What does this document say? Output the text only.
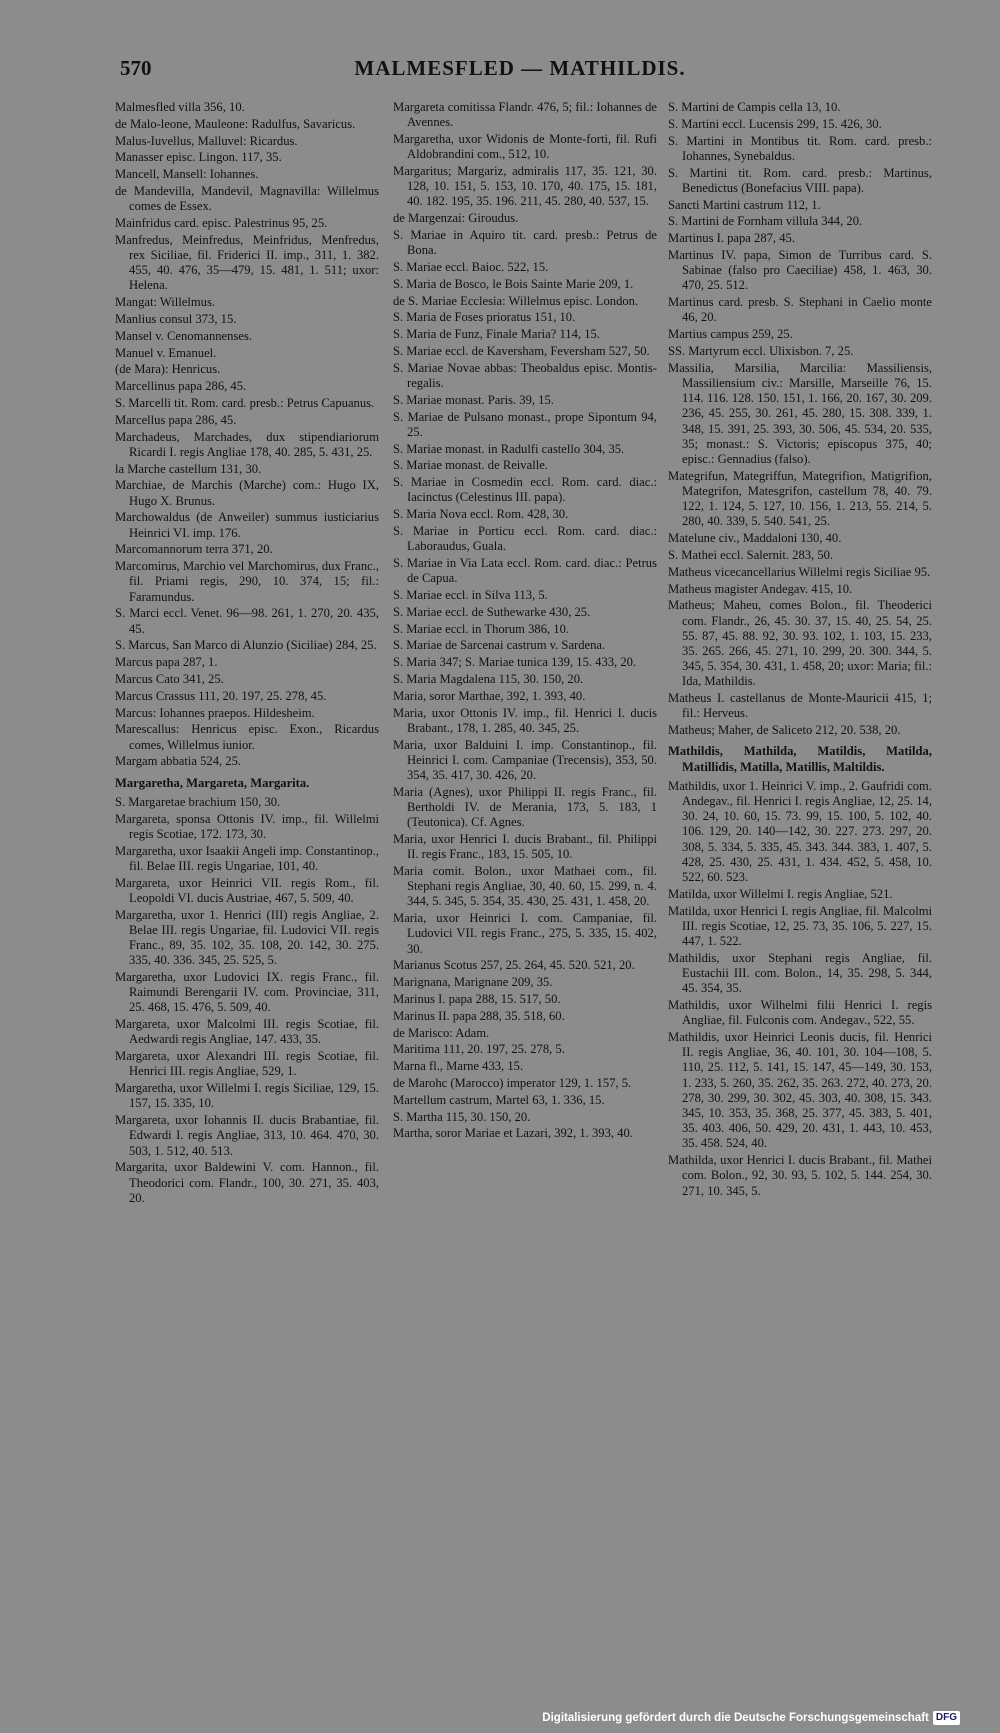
570	MALMESFLED — MATHILDIS.

Malmesfled villa 356, 10.

de Malo-leone, Mauleone: Radulfus, Savaricus.

Malus-Iuvellus, Malluvel: Ricardus.

Manasser episc. Lingon. 117, 35.

Mancell, Mansell: Iohannes.

de Mandevilla, Mandevil, Magnavilla: Willelmus comes de Essex.

Mainfridus card. episc. Palestrinus 95, 25.

Manfredus, Meinfredus, Meinfridus, Menfredus, rex Siciliae, fil. Friderici II. imp., 311, 1. 382. 455, 40. 476, 35—479, 15. 481, 1. 511; uxor: Helena.

Mangat: Willelmus.

Manlius consul 373, 15.

Mansel v. Cenomannenses.

Manuel v. Emanuel.

(de Mara): Henricus.

Marcellinus papa 286, 45.

S. Marcelli tit. Rom. card. presb.: Petrus Capuanus.

Marcellus papa 286, 45.

Marchadeus, Marchades, dux stipendiariorum Ricardi I. regis Angliae 178, 40. 285, 5. 431, 25.

la Marche castellum 131, 30.

Marchiae, de Marchis (Marche) com.: Hugo IX, Hugo X. Brunus.

Marchowaldus (de Anweiler) summus iusticiarius Heinrici VI. imp. 176.

Marcomannorum terra 371, 20.

Marcomirus, Marchio vel Marchomirus, dux Franc., fil. Priami regis, 290, 10. 374, 15; fil.: Faramundus.

S. Marci eccl. Venet. 96—98. 261, 1. 270, 20. 435, 45.

S. Marcus, San Marco di Alunzio (Siciliae) 284, 25.

Marcus papa 287, 1.

Marcus Cato 341, 25.

Marcus Crassus 111, 20. 197, 25. 278, 45.

Marcus: Iohannes praepos. Hildesheim.

Marescallus: Henricus episc. Exon., Ricardus comes, Willelmus iunior.

Margam abbatia 524, 25.

Margaretha, Margareta, Margarita.

S. Margaretae brachium 150, 30.

Margareta, sponsa Ottonis IV. imp., fil. Willelmi regis Scotiae, 172. 173, 30.

Margaretha, uxor Isaakii Angeli imp. Constantinop., fil. Belae III. regis Ungariae, 101, 40.

Margareta, uxor Heinrici VII. regis Rom., fil. Leopoldi VI. ducis Austriae, 467, 5. 509, 40.

Margaretha, uxor 1. Henrici (III) regis Angliae, 2. Belae III. regis Ungariae, fil. Ludovici VII. regis Franc., 89, 35. 102, 35. 108, 20. 142, 30. 275. 335, 40. 336. 345, 25. 525, 5.

Margaretha, uxor Ludovici IX. regis Franc., fil. Raimundi Berengarii IV. com. Provinciae, 311, 25. 468, 15. 476, 5. 509, 40.

Margareta, uxor Malcolmi III. regis Scotiae, fil. Aedwardi regis Angliae, 147. 433, 35.

Margareta, uxor Alexandri III. regis Scotiae, fil. Henrici III. regis Angliae, 529, 1.

Margaretha, uxor Willelmi I. regis Siciliae, 129, 15. 157, 15. 335, 10.

Margareta, uxor Iohannis II. ducis Brabantiae, fil. Edwardi I. regis Angliae, 313, 10. 464. 470, 30. 503, 1. 512, 40. 513.

Margarita, uxor Baldewini V. com. Hannon., fil. Theodorici com. Flandr., 100, 30. 271, 35. 403, 20.

Margareta comitissa Flandr. 476, 5; fil.: Iohannes de Avennes.

Margaretha, uxor Widonis de Monte-forti, fil. Rufi Aldobrandini com., 512, 10.

Margaritus; Margariz, admiralis 117, 35. 121, 30. 128, 10. 151, 5. 153, 10. 170, 40. 175, 15. 181, 40. 182. 195, 35. 196. 211, 45. 280, 40. 537, 15.

de Margenzai: Giroudus.

S. Mariae in Aquiro tit. card. presb.: Petrus de Bona.

S. Mariae eccl. Baioc. 522, 15.

S. Maria de Bosco, le Bois Sainte Marie 209, 1.

de S. Mariae Ecclesia: Willelmus episc. London.

S. Maria de Foses prioratus 151, 10.

S. Maria de Funz, Finale Maria? 114, 15.

S. Mariae eccl. de Kaversham, Feversham 527, 50.

S. Mariae Novae abbas: Theobaldus episc. Montis-regalis.

S. Mariae monast. Paris. 39, 15.

S. Mariae de Pulsano monast., prope Sipontum 94, 25.

S. Mariae monast. in Radulfi castello 304, 35.

S. Mariae monast. de Reivalle.

S. Mariae in Cosmedin eccl. Rom. card. diac.: Iacinctus (Celestinus III. papa).

S. Maria Nova eccl. Rom. 428, 30.

S. Mariae in Porticu eccl. Rom. card. diac.: Laboraudus, Guala.

S. Mariae in Via Lata eccl. Rom. card. diac.: Petrus de Capua.

S. Mariae eccl. in Silva 113, 5.

S. Mariae eccl. de Suthewarke 430, 25.

S. Mariae eccl. in Thorum 386, 10.

S. Mariae de Sarcenai castrum v. Sardena.

S. Maria 347; S. Mariae tunica 139, 15. 433, 20.

S. Maria Magdalena 115, 30. 150, 20.

Maria, soror Marthae, 392, 1. 393, 40.

Maria, uxor Ottonis IV. imp., fil. Henrici I. ducis Brabant., 178, 1. 285, 40. 345, 25.

Maria, uxor Balduini I. imp. Constantinop., fil. Heinrici I. com. Campaniae (Trecensis), 353, 50. 354, 35. 417, 30. 426, 20.

Maria (Agnes), uxor Philippi II. regis Franc., fil. Bertholdi IV. de Merania, 173, 5. 183, 1 (Teutonica). Cf. Agnes.

Maria, uxor Henrici I. ducis Brabant., fil. Philippi II. regis Franc., 183, 15. 505, 10.

Maria comit. Bolon., uxor Mathaei com., fil. Stephani regis Angliae, 30, 40. 60, 15. 299, n. 4. 344, 5. 345, 5. 354, 35. 430, 25. 431, 1. 458, 20.

Maria, uxor Heinrici I. com. Campaniae, fil. Ludovici VII. regis Franc., 275, 5. 335, 15. 402, 30.

Marianus Scotus 257, 25. 264, 45. 520. 521, 20.

Marignana, Marignane 209, 35.

Marinus I. papa 288, 15. 517, 50.

Marinus II. papa 288, 35. 518, 60.

de Marisco: Adam.

Maritima 111, 20. 197, 25. 278, 5.

Marna fl., Marne 433, 15.

de Marohc (Marocco) imperator 129, 1. 157, 5.

Martellum castrum, Martel 63, 1. 336, 15.

S. Martha 115, 30. 150, 20.

Martha, soror Mariae et Lazari, 392, 1. 393, 40.

S. Martini de Campis cella 13, 10.

S. Martini eccl. Lucensis 299, 15. 426, 30.

S. Martini in Montibus tit. Rom. card. presb.: Iohannes, Synebaldus.

S. Martini tit. Rom. card. presb.: Martinus, Benedictus (Bonefacius VIII. papa).

Sancti Martini castrum 112, 1.

S. Martini de Fornham villula 344, 20.

Martinus I. papa 287, 45.

Martinus IV. papa, Simon de Turribus card. S. Sabinae (falso pro Caeciliae) 458, 1. 463, 30. 470, 25. 512.

Martinus card. presb. S. Stephani in Caelio monte 46, 20.

Martius campus 259, 25.

SS. Martyrum eccl. Ulixisbon. 7, 25.

Massilia, Marsilia, Marcilia: Massiliensis, Massiliensium civ.: Marsille, Marseille 76, 15. 114. 116. 128. 150. 151, 1. 166, 20. 167, 30. 209. 236, 45. 255, 30. 261, 45. 280, 15. 308. 339, 1. 348, 15. 391, 25. 393, 30. 506, 45. 534, 20. 535, 35; monast.: S. Victoris; episcopus 375, 40; episc.: Gennadius (falso).

Mategrifun, Mategriffun, Mategrifion, Matigrifion, Mategrifon, Matesgrifon, castellum 78, 40. 79. 122, 1. 124, 5. 127, 10. 156, 1. 213, 55. 214, 5. 280, 40. 339, 5. 540. 541, 25.

Matelune civ., Maddaloni 130, 40.

S. Mathei eccl. Salernit. 283, 50.

Matheus vicecancellarius Willelmi regis Siciliae 95.

Matheus magister Andegav. 415, 10.

Matheus; Maheu, comes Bolon., fil. Theoderici com. Flandr., 26, 45. 30. 37, 15. 40, 25. 54, 25. 55. 87, 45. 88. 92, 30. 93. 102, 1. 103, 15. 233, 35. 265. 266, 45. 271, 10. 299, 20. 300. 344, 5. 345, 5. 354, 30. 431, 1. 458, 20; uxor: Maria; fil.: Ida, Mathildis.

Matheus I. castellanus de Monte-Mauricii 415, 1; fil.: Herveus.

Matheus; Maher, de Saliceto 212, 20. 538, 20.

Mathildis, Mathilda, Matildis, Matilda, Matillidis, Matilla, Matillis, Maltildis.

Mathildis, uxor 1. Heinrici V. imp., 2. Gaufridi com. Andegav., fil. Henrici I. regis Angliae, 12, 25. 14, 30. 24, 10. 60, 15. 73. 99, 15. 100, 5. 102, 40. 106. 129, 20. 140—142, 30. 227. 273. 297, 20. 308, 5. 334, 5. 335, 45. 343. 344. 383, 1. 407, 5. 428, 25. 430, 25. 431, 1. 434. 452, 5. 458, 10. 522, 60. 523.

Matilda, uxor Willelmi I. regis Angliae, 521.

Matilda, uxor Henrici I. regis Angliae, fil. Malcolmi III. regis Scotiae, 12, 25. 73, 35. 106, 5. 227, 15. 447, 1. 522.

Mathildis, uxor Stephani regis Angliae, fil. Eustachii III. com. Bolon., 14, 35. 298, 5. 344, 45. 354, 35.

Mathildis, uxor Wilhelmi filii Henrici I. regis Angliae, fil. Fulconis com. Andegav., 522, 55.

Mathildis, uxor Heinrici Leonis ducis, fil. Henrici II. regis Angliae, 36, 40. 101, 30. 104—108, 5. 110, 25. 112, 5. 141, 15. 147, 45—149, 30. 153, 1. 233, 5. 260, 35. 262, 35. 263. 272, 40. 273, 20. 278, 30. 299, 30. 302, 45. 303, 40. 308, 15. 343. 345, 10. 353, 35. 368, 25. 377, 45. 383, 5. 401, 35. 403. 406, 50. 429, 20. 431, 1. 443, 10. 453, 35. 458. 524, 40.

Mathilda, uxor Henrici I. ducis Brabant., fil. Mathei com. Bolon., 92, 30. 93, 5. 102, 5. 144. 254, 30. 271, 10. 345, 5.

Digitalisierung gefördert durch die Deutsche Forschungsgemeinschaft DFG
